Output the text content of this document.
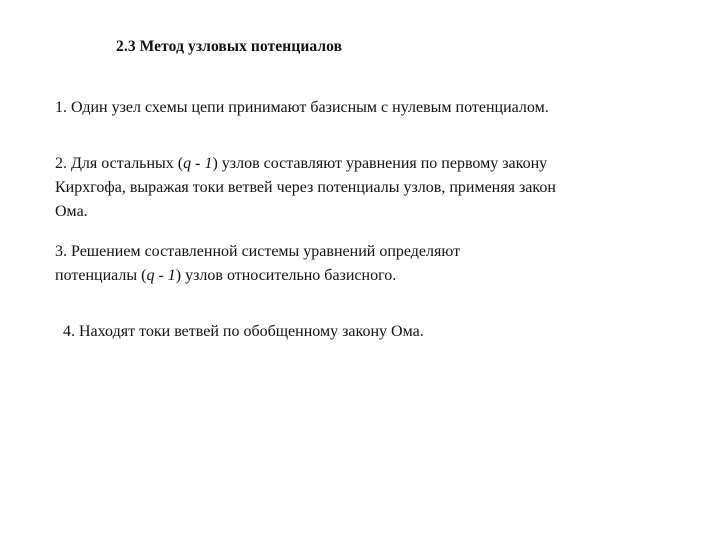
2.3 Метод узловых потенциалов

1. Один узел схемы цепи принимают базисным с нулевым потенциалом.

2. Для остальных (q - 1) узлов составляют уравнения по первому закону
Кирхгофа, выражая токи ветвей через потенциалы узлов, применяя закон
Ома.

3. Решением составленной системы уравнений определяют
потенциалы (q - 1) узлов относительно базисного.

4. Находят токи ветвей по обобщенному закону Ома.
